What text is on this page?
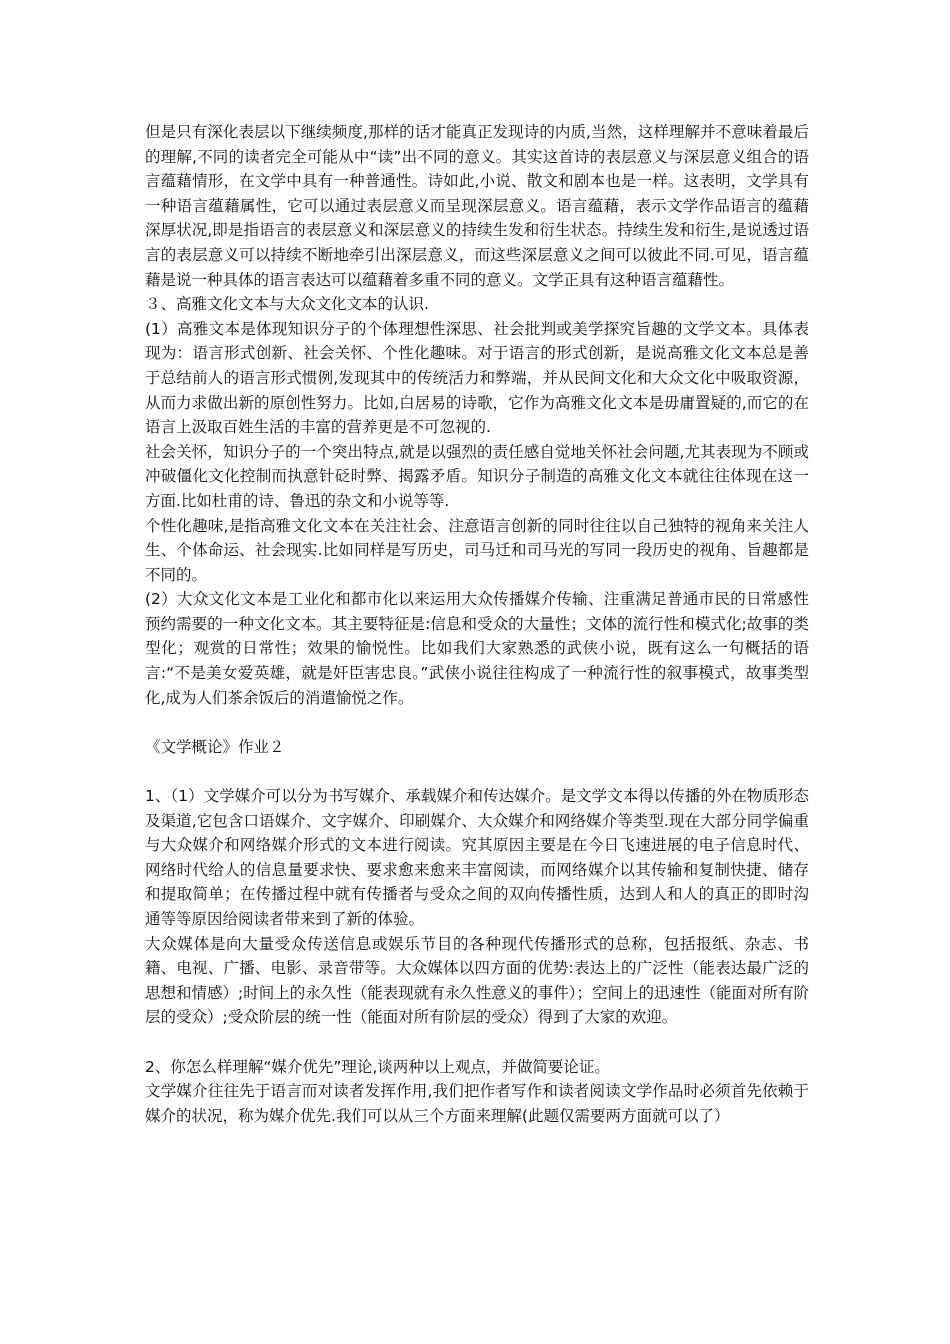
但是只有深化表层以下继续频度,那样的话才能真正发现诗的内质,当然，这样理解并不意味着最后的理解,不同的读者完全可能从中“读”出不同的意义。其实这首诗的表层意义与深层意义组合的语言蕴藉情形，在文学中具有一种普通性。诗如此,小说、散文和剧本也是一样。这表明，文学具有一种语言蕴藉属性，它可以通过表层意义而呈现深层意义。语言蕴藉，表示文学作品语言的蕴藉深厚状况,即是指语言的表层意义和深层意义的持续生发和衍生状态。持续生发和衍生,是说透过语言的表层意义可以持续不断地牵引出深层意义，而这些深层意义之间可以彼此不同.可见，语言蕴藉是说一种具体的语言表达可以蕴藉着多重不同的意义。文学正具有这种语言蕴藉性。

３、高雅文化文本与大众文化文本的认识.

(1）高雅文本是体现知识分子的个体理想性深思、社会批判或美学探究旨趣的文学文本。具体表现为：语言形式创新、社会关怀、个性化趣味。对于语言的形式创新，是说高雅文化文本总是善于总结前人的语言形式惯例,发现其中的传统活力和弊端，并从民间文化和大众文化中吸取资源，从而力求做出新的原创性努力。比如,白居易的诗歌，它作为高雅文化文本是毋庸置疑的,而它的在语言上汲取百姓生活的丰富的营养更是不可忽视的.

社会关怀，知识分子的一个突出特点,就是以强烈的责任感自觉地关怀社会问题,尤其表现为不顾或冲破僵化文化控制而执意针砭时弊、揭露矛盾。知识分子制造的高雅文化文本就往往体现在这一方面.比如杜甫的诗、鲁迅的杂文和小说等等.

个性化趣味,是指高雅文化文本在关注社会、注意语言创新的同时往往以自己独特的视角来关注人生、个体命运、社会现实.比如同样是写历史，司马迁和司马光的写同一段历史的视角、旨趣都是不同的。

(2）大众文化文本是工业化和都市化以来运用大众传播媒介传输、注重满足普通市民的日常感性预约需要的一种文化文本。其主要特征是:信息和受众的大量性；文体的流行性和模式化;故事的类型化；观赏的日常性；效果的愉悦性。比如我们大家熟悉的武侠小说，既有这么一句概括的语言:“不是美女爱英雄，就是奸臣害忠良。”武侠小说往往构成了一种流行性的叙事模式，故事类型化,成为人们茶余饭后的消遣愉悦之作。

《文学概论》作业２

1、（1）文学媒介可以分为书写媒介、承载媒介和传达媒介。是文学文本得以传播的外在物质形态及渠道,它包含口语媒介、文字媒介、印刷媒介、大众媒介和网络媒介等类型.现在大部分同学偏重与大众媒介和网络媒介形式的文本进行阅读。究其原因主要是在今日飞速进展的电子信息时代、网络时代给人的信息量要求快、要求愈来愈来丰富阅读，而网络媒介以其传输和复制快捷、储存和提取简单；在传播过程中就有传播者与受众之间的双向传播性质，达到人和人的真正的即时沟通等等原因给阅读者带来到了新的体验。

大众媒体是向大量受众传送信息或娱乐节目的各种现代传播形式的总称，包括报纸、杂志、书籍、电视、广播、电影、录音带等。大众媒体以四方面的优势:表达上的广泛性（能表达最广泛的思想和情感）;时间上的永久性（能表现就有永久性意义的事件）；空间上的迅速性（能面对所有阶层的受众）;受众阶层的统一性（能面对所有阶层的受众）得到了大家的欢迎。

2、你怎么样理解“媒介优先”理论,谈两种以上观点，并做简要论证。

文学媒介往往先于语言而对读者发挥作用,我们把作者写作和读者阅读文学作品时必须首先依赖于媒介的状况，称为媒介优先.我们可以从三个方面来理解(此题仅需要两方面就可以了）
